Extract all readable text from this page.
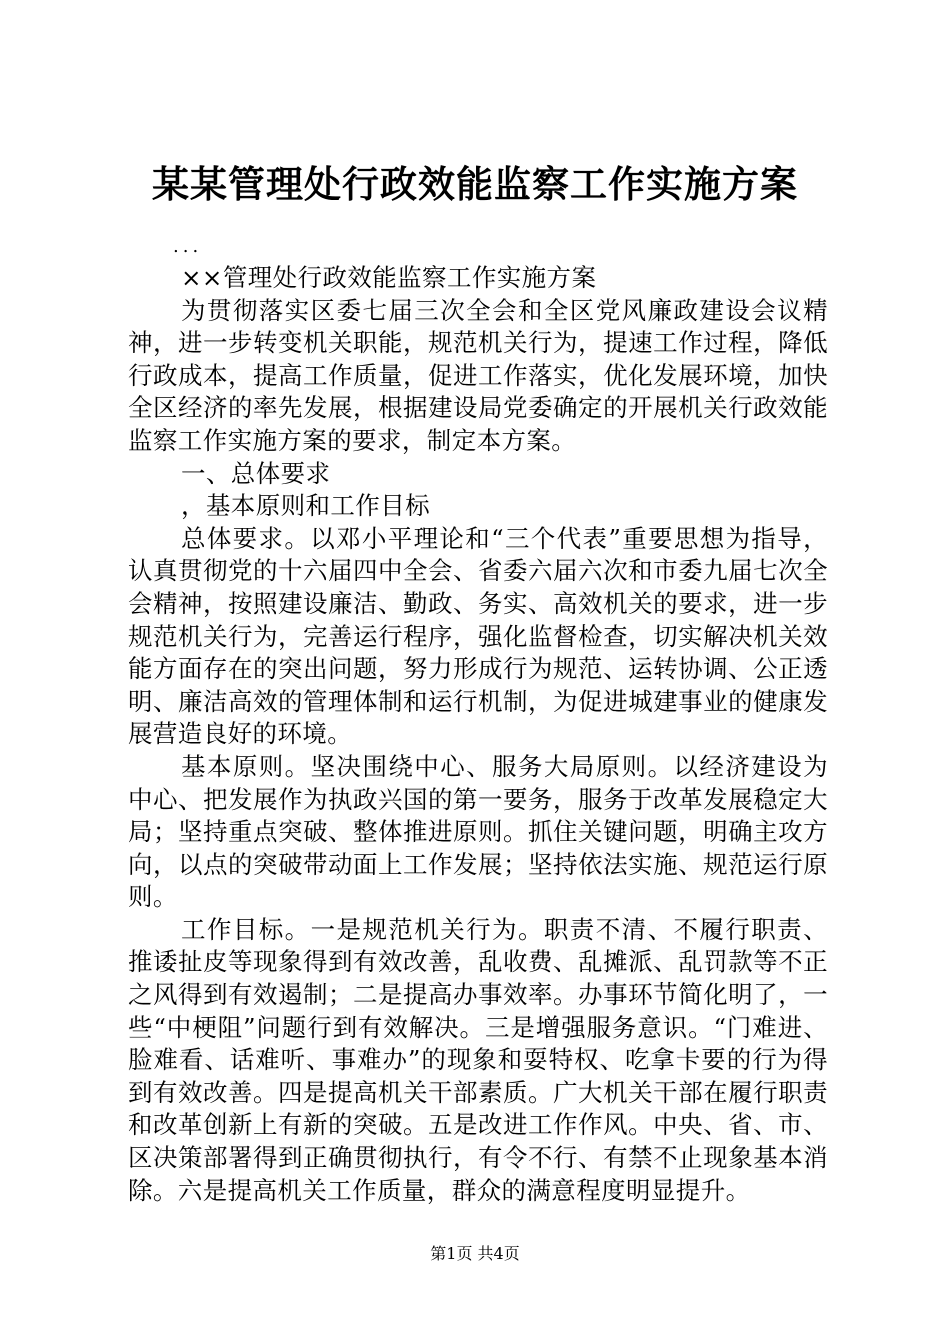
某某管理处行政效能监察工作实施方案

...

××管理处行政效能监察工作实施方案

为贯彻落实区委七届三次全会和全区党风廉政建设会议精神，进一步转变机关职能，规范机关行为，提速工作过程，降低行政成本，提高工作质量，促进工作落实，优化发展环境，加快全区经济的率先发展，根据建设局党委确定的开展机关行政效能监察工作实施方案的要求，制定本方案。

一、总体要求

，基本原则和工作目标

总体要求。以邓小平理论和“三个代表”重要思想为指导，认真贯彻党的十六届四中全会、省委六届六次和市委九届七次全会精神，按照建设廉洁、勤政、务实、高效机关的要求，进一步规范机关行为，完善运行程序，强化监督检查，切实解决机关效能方面存在的突出问题，努力形成行为规范、运转协调、公正透明、廉洁高效的管理体制和运行机制，为促进城建事业的健康发展营造良好的环境。

基本原则。坚决围绕中心、服务大局原则。以经济建设为中心、把发展作为执政兴国的第一要务，服务于改革发展稳定大局；坚持重点突破、整体推进原则。抓住关键问题，明确主攻方向，以点的突破带动面上工作发展；坚持依法实施、规范运行原则。

工作目标。一是规范机关行为。职责不清、不履行职责、推诿扯皮等现象得到有效改善，乱收费、乱摊派、乱罚款等不正之风得到有效遏制；二是提高办事效率。办事环节简化明了，一些“中梗阻”问题行到有效解决。三是增强服务意识。“门难进、脸难看、话难听、事难办”的现象和耍特权、吃拿卡要的行为得到有效改善。四是提高机关干部素质。广大机关干部在履行职责和改革创新上有新的突破。五是改进工作作风。中央、省、市、区决策部署得到正确贯彻执行，有令不行、有禁不止现象基本消除。六是提高机关工作质量，群众的满意程度明显提升。

第1页 共4页
